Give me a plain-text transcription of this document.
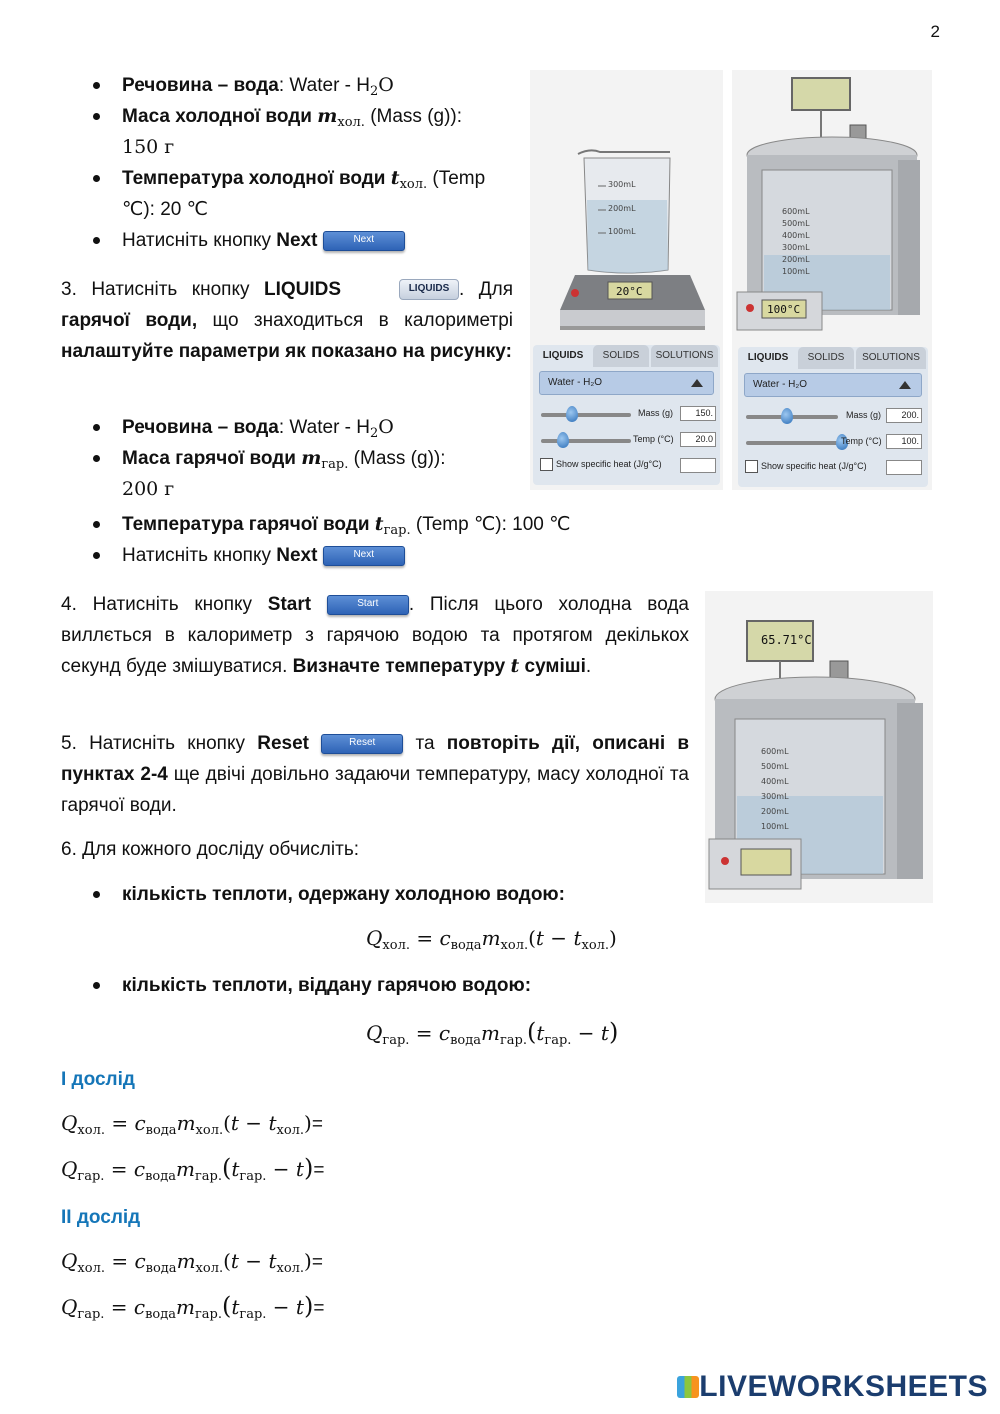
2
Речовина – вода: Water - $H_2O$
Маса холодної води $m_{хол.}$ (Mass (g)):
150 г
Температура холодної води $t_{хол.}$ (Temp
℃): 20 ℃
Натисніть кнопку Next	Next
3. Натисніть кнопку LIQUIDS	LIQUIDS . Для гарячої води, що знаходиться в калориметрі налаштуйте параметри як показано на рисунку:
Речовина – вода: Water - $H_2O$
Маса гарячої води $m_{гар.}$ (Mass (g)):
200 г
Температура гарячої води $t_{гар.}$ (Temp ℃): 100 ℃
Натисніть кнопку Next	Next
4. Натисніть кнопку Start	Start . Після цього холодна вода виллється в калориметр з гарячою водою та протягом декількох секунд буде змішуватися. Визначте температуру t суміші.
5. Натисніть кнопку Reset	Reset та повторіть дії, описані в пунктах 2-4 ще двічі довільно задаючи температуру, масу холодної та гарячої води.
6. Для кожного досліду обчисліть:
кількість теплоти, одержану холодною водою:
$Q_{хол.} = c_{вода}m_{хол.}(t - t_{хол.})$
кількість теплоти, віддану гарячою водою:
$Q_{гар.} = c_{вода}m_{гар.}(t_{гар.} - t)$
I дослід
$Q_{хол.} = c_{вода}m_{хол.}(t - t_{хол.})=$
$Q_{гар.} = c_{вода}m_{гар.}(t_{гар.} - t)=$
II дослід
$Q_{хол.} = c_{вода}m_{хол.}(t - t_{хол.})=$
$Q_{гар.} = c_{вода}m_{гар.}(t_{гар.} - t)=$
20°C
300mL
200mL
100mL
LIQUIDS	SOLIDS	SOLUTIONS
Water - H₂O
Mass (g)	150.
Temp (°C)	20.0
Show specific heat (J/g°C)
100°C
600mL
500mL
400mL
300mL
200mL
100mL
LIQUIDS	SOLIDS	SOLUTIONS
Water - H₂O
Mass (g)	200.
Temp (°C)	100.
Show specific heat (J/g°C)
65.71°C
600mL
500mL
400mL
300mL
200mL
100mL
LIVEWORKSHEETS
